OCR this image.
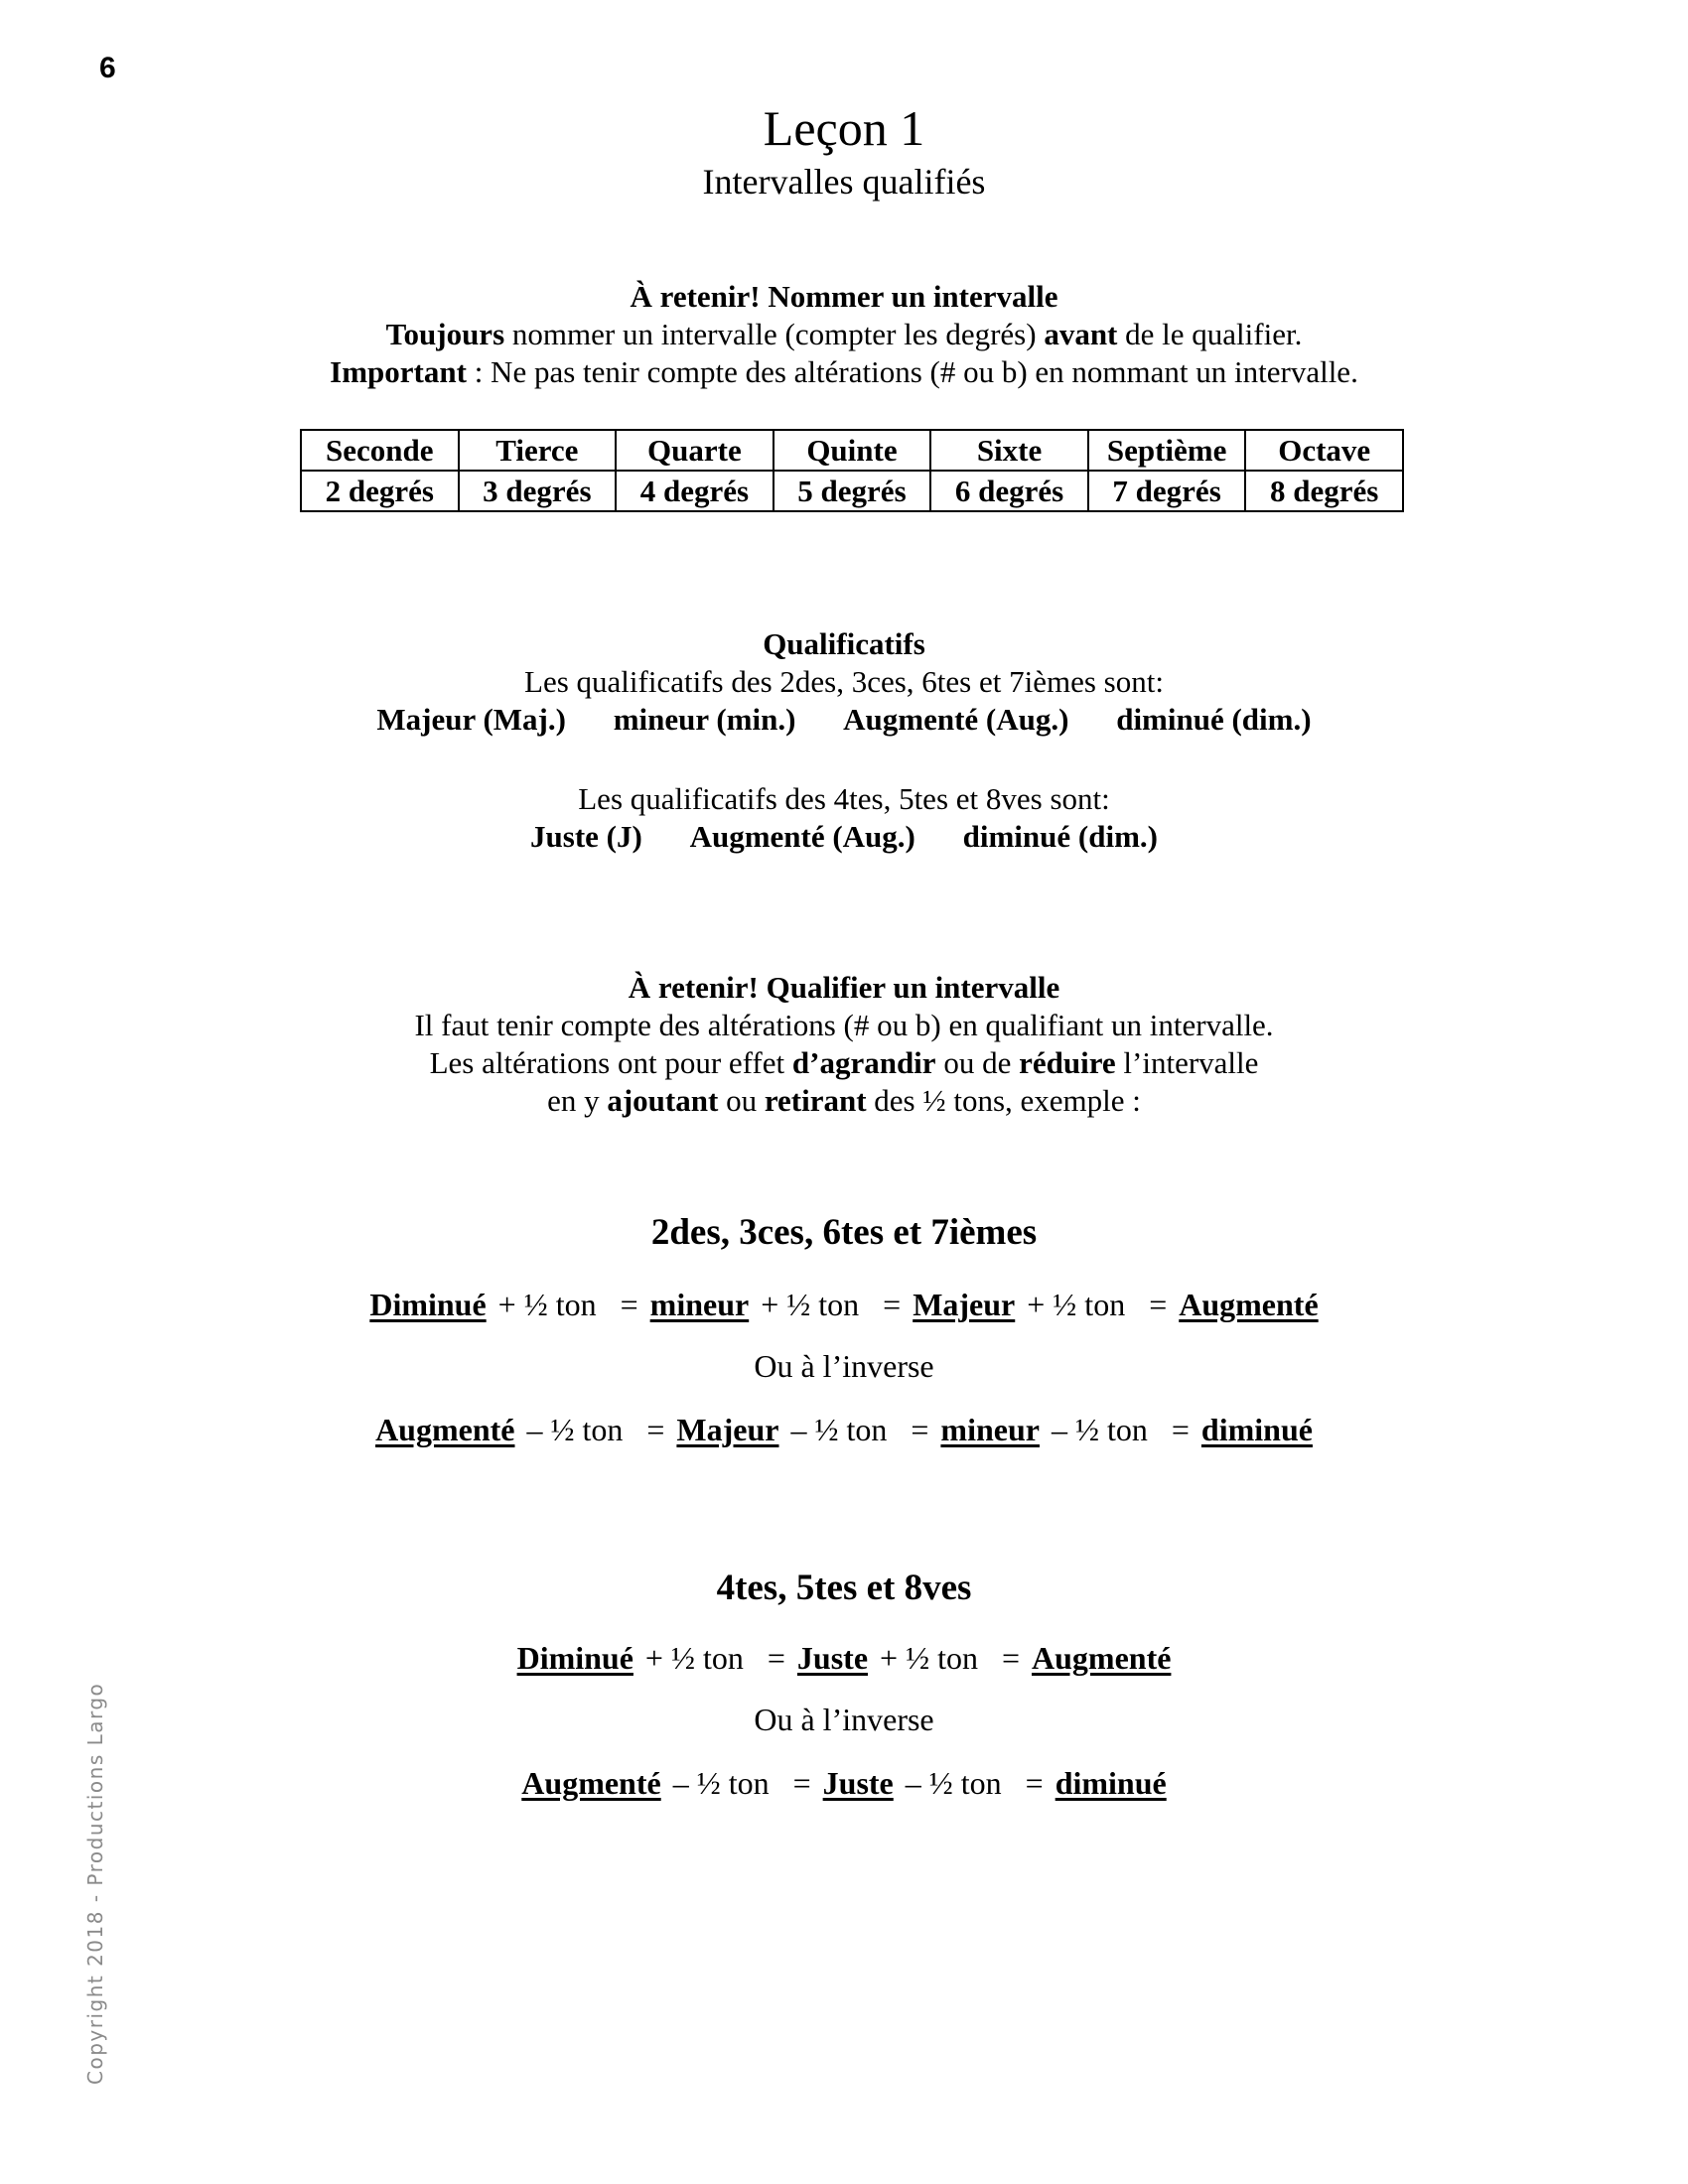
6
Copyright 2018 - Productions Largo
Leçon 1
Intervalles qualifiés
À retenir! Nommer un intervalle
Toujours nommer un intervalle (compter les degrés) avant de le qualifier.
Important : Ne pas tenir compte des altérations (# ou b) en nommant un intervalle.
Seconde	Tierce	Quarte	Quinte	Sixte	Septième	Octave
2 degrés	3 degrés	4 degrés	5 degrés	6 degrés	7 degrés	8 degrés
Qualificatifs
Les qualificatifs des 2des, 3ces, 6tes et 7ièmes sont:
Majeur (Maj.) mineur (min.) Augmenté (Aug.) diminué (dim.)
Les qualificatifs des 4tes, 5tes et 8ves sont:
Juste (J) Augmenté (Aug.) diminué (dim.)
À retenir! Qualifier un intervalle
Il faut tenir compte des altérations (# ou b) en qualifiant un intervalle.
Les altérations ont pour effet d’agrandir ou de réduire l’intervalle
en y ajoutant ou retirant des ½ tons, exemple :
2des, 3ces, 6tes et 7ièmes
Diminué + ½ ton = mineur + ½ ton = Majeur + ½ ton = Augmenté
Ou à l’inverse
Augmenté – ½ ton = Majeur – ½ ton = mineur – ½ ton = diminué
4tes, 5tes et 8ves
Diminué + ½ ton = Juste + ½ ton = Augmenté
Ou à l’inverse
Augmenté – ½ ton = Juste – ½ ton = diminué
